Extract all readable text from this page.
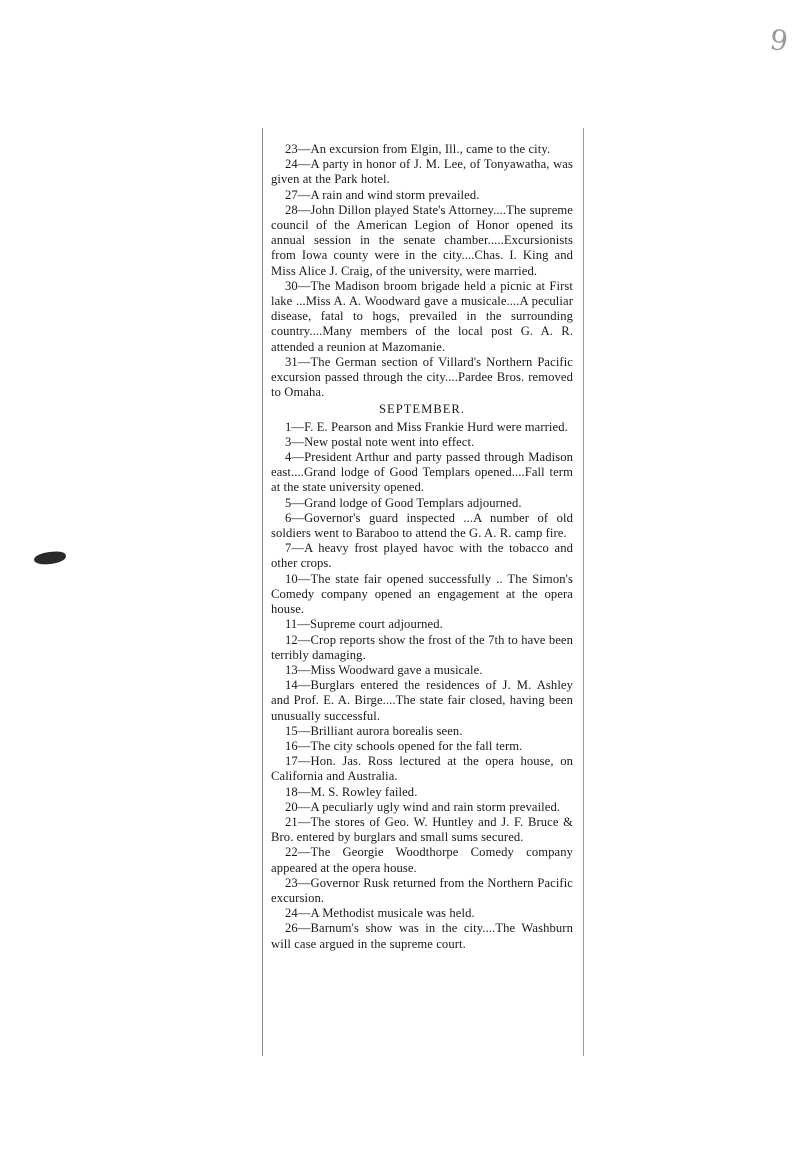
9

23—An excursion from Elgin, Ill., came to the city.

24—A party in honor of J. M. Lee, of Tonyawatha, was given at the Park hotel.

27—A rain and wind storm prevailed.

28—John Dillon played State's Attorney....The supreme council of the American Legion of Honor opened its annual session in the senate chamber.....Excursionists from Iowa county were in the city....Chas. I. King and Miss Alice J. Craig, of the university, were married.

30—The Madison broom brigade held a picnic at First lake ...Miss A. A. Woodward gave a musicale....A peculiar disease, fatal to hogs, prevailed in the surrounding country....Many members of the local post G. A. R. attended a reunion at Mazomanie.

31—The German section of Villard's Northern Pacific excursion passed through the city....Pardee Bros. removed to Omaha.

SEPTEMBER.

1—F. E. Pearson and Miss Frankie Hurd were married.

3—New postal note went into effect.

4—President Arthur and party passed through Madison east....Grand lodge of Good Templars opened....Fall term at the state university opened.

5—Grand lodge of Good Templars adjourned.

6—Governor's guard inspected ...A number of old soldiers went to Baraboo to attend the G. A. R. camp fire.

7—A heavy frost played havoc with the tobacco and other crops.

10—The state fair opened successfully .. The Simon's Comedy company opened an engagement at the opera house.

11—Supreme court adjourned.

12—Crop reports show the frost of the 7th to have been terribly damaging.

13—Miss Woodward gave a musicale.

14—Burglars entered the residences of J. M. Ashley and Prof. E. A. Birge....The state fair closed, having been unusually successful.

15—Brilliant aurora borealis seen.

16—The city schools opened for the fall term.

17—Hon. Jas. Ross lectured at the opera house, on California and Australia.

18—M. S. Rowley failed.

20—A peculiarly ugly wind and rain storm prevailed.

21—The stores of Geo. W. Huntley and J. F. Bruce & Bro. entered by burglars and small sums secured.

22—The Georgie Woodthorpe Comedy company appeared at the opera house.

23—Governor Rusk returned from the Northern Pacific excursion.

24—A Methodist musicale was held.

26—Barnum's show was in the city....The Washburn will case argued in the supreme court.
